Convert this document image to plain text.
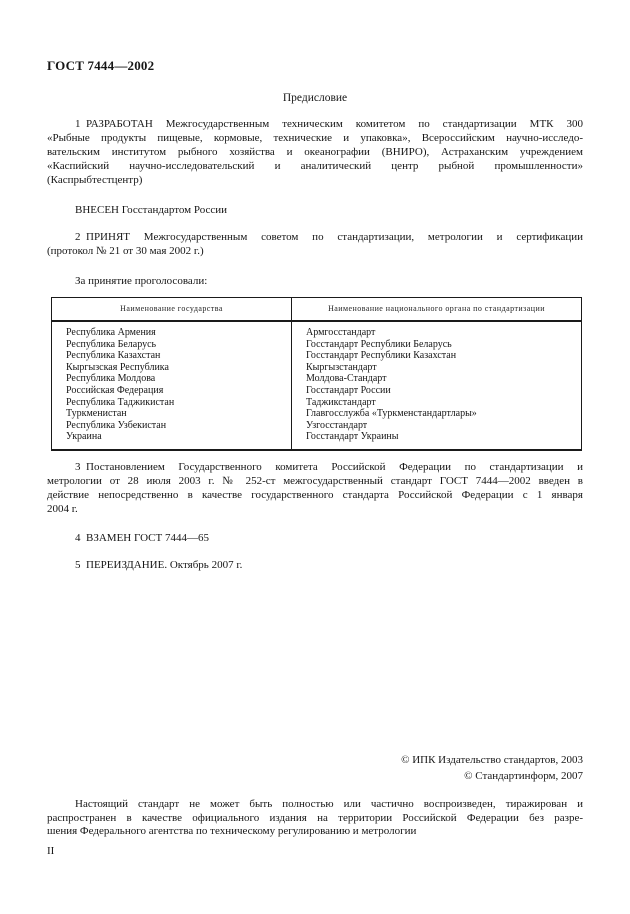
ГОСТ 7444—2002
Предисловие
1 РАЗРАБОТАН Межгосударственным техническим комитетом по стандартизации МТК 300
«Рыбные продукты пищевые, кормовые, технические и упаковка», Всероссийским научно-исследо-
вательским институтом рыбного хозяйства и океанографии (ВНИРО), Астраханским учреждением
«Каспийский научно-исследовательский и аналитический центр рыбной промышленности»
(Каспрыбтестцентр)
ВНЕСЕН Госстандартом России
2 ПРИНЯТ Межгосударственным советом по стандартизации, метрологии и сертификации
(протокол № 21 от 30 мая 2002 г.)
За принятие проголосовали:
Наименование государства	Наименование национального органа по стандартизации
Республика Армения	Армгосстандарт
Республика Беларусь	Госстандарт Республики Беларусь
Республика Казахстан	Госстандарт Республики Казахстан
Кыргызская Республика	Кыргызстандарт
Республика Молдова	Молдова-Стандарт
Российская Федерация	Госстандарт России
Республика Таджикистан	Таджикстандарт
Туркменистан	Главгосслужба «Туркменстандартлары»
Республика Узбекистан	Узгосстандарт
Украина	Госстандарт Украины
3 Постановлением Государственного комитета Российской Федерации по стандартизации и
метрологии от 28 июля 2003 г. № 252-ст межгосударственный стандарт ГОСТ 7444—2002 введен в
действие непосредственно в качестве государственного стандарта Российской Федерации с 1 января
2004 г.
4 ВЗАМЕН ГОСТ 7444—65
5 ПЕРЕИЗДАНИЕ. Октябрь 2007 г.
© ИПК Издательство стандартов, 2003
© Стандартинформ, 2007
Настоящий стандарт не может быть полностью или частично воспроизведен, тиражирован и
распространен в качестве официального издания на территории Российской Федерации без разре-
шения Федерального агентства по техническому регулированию и метрологии
II
